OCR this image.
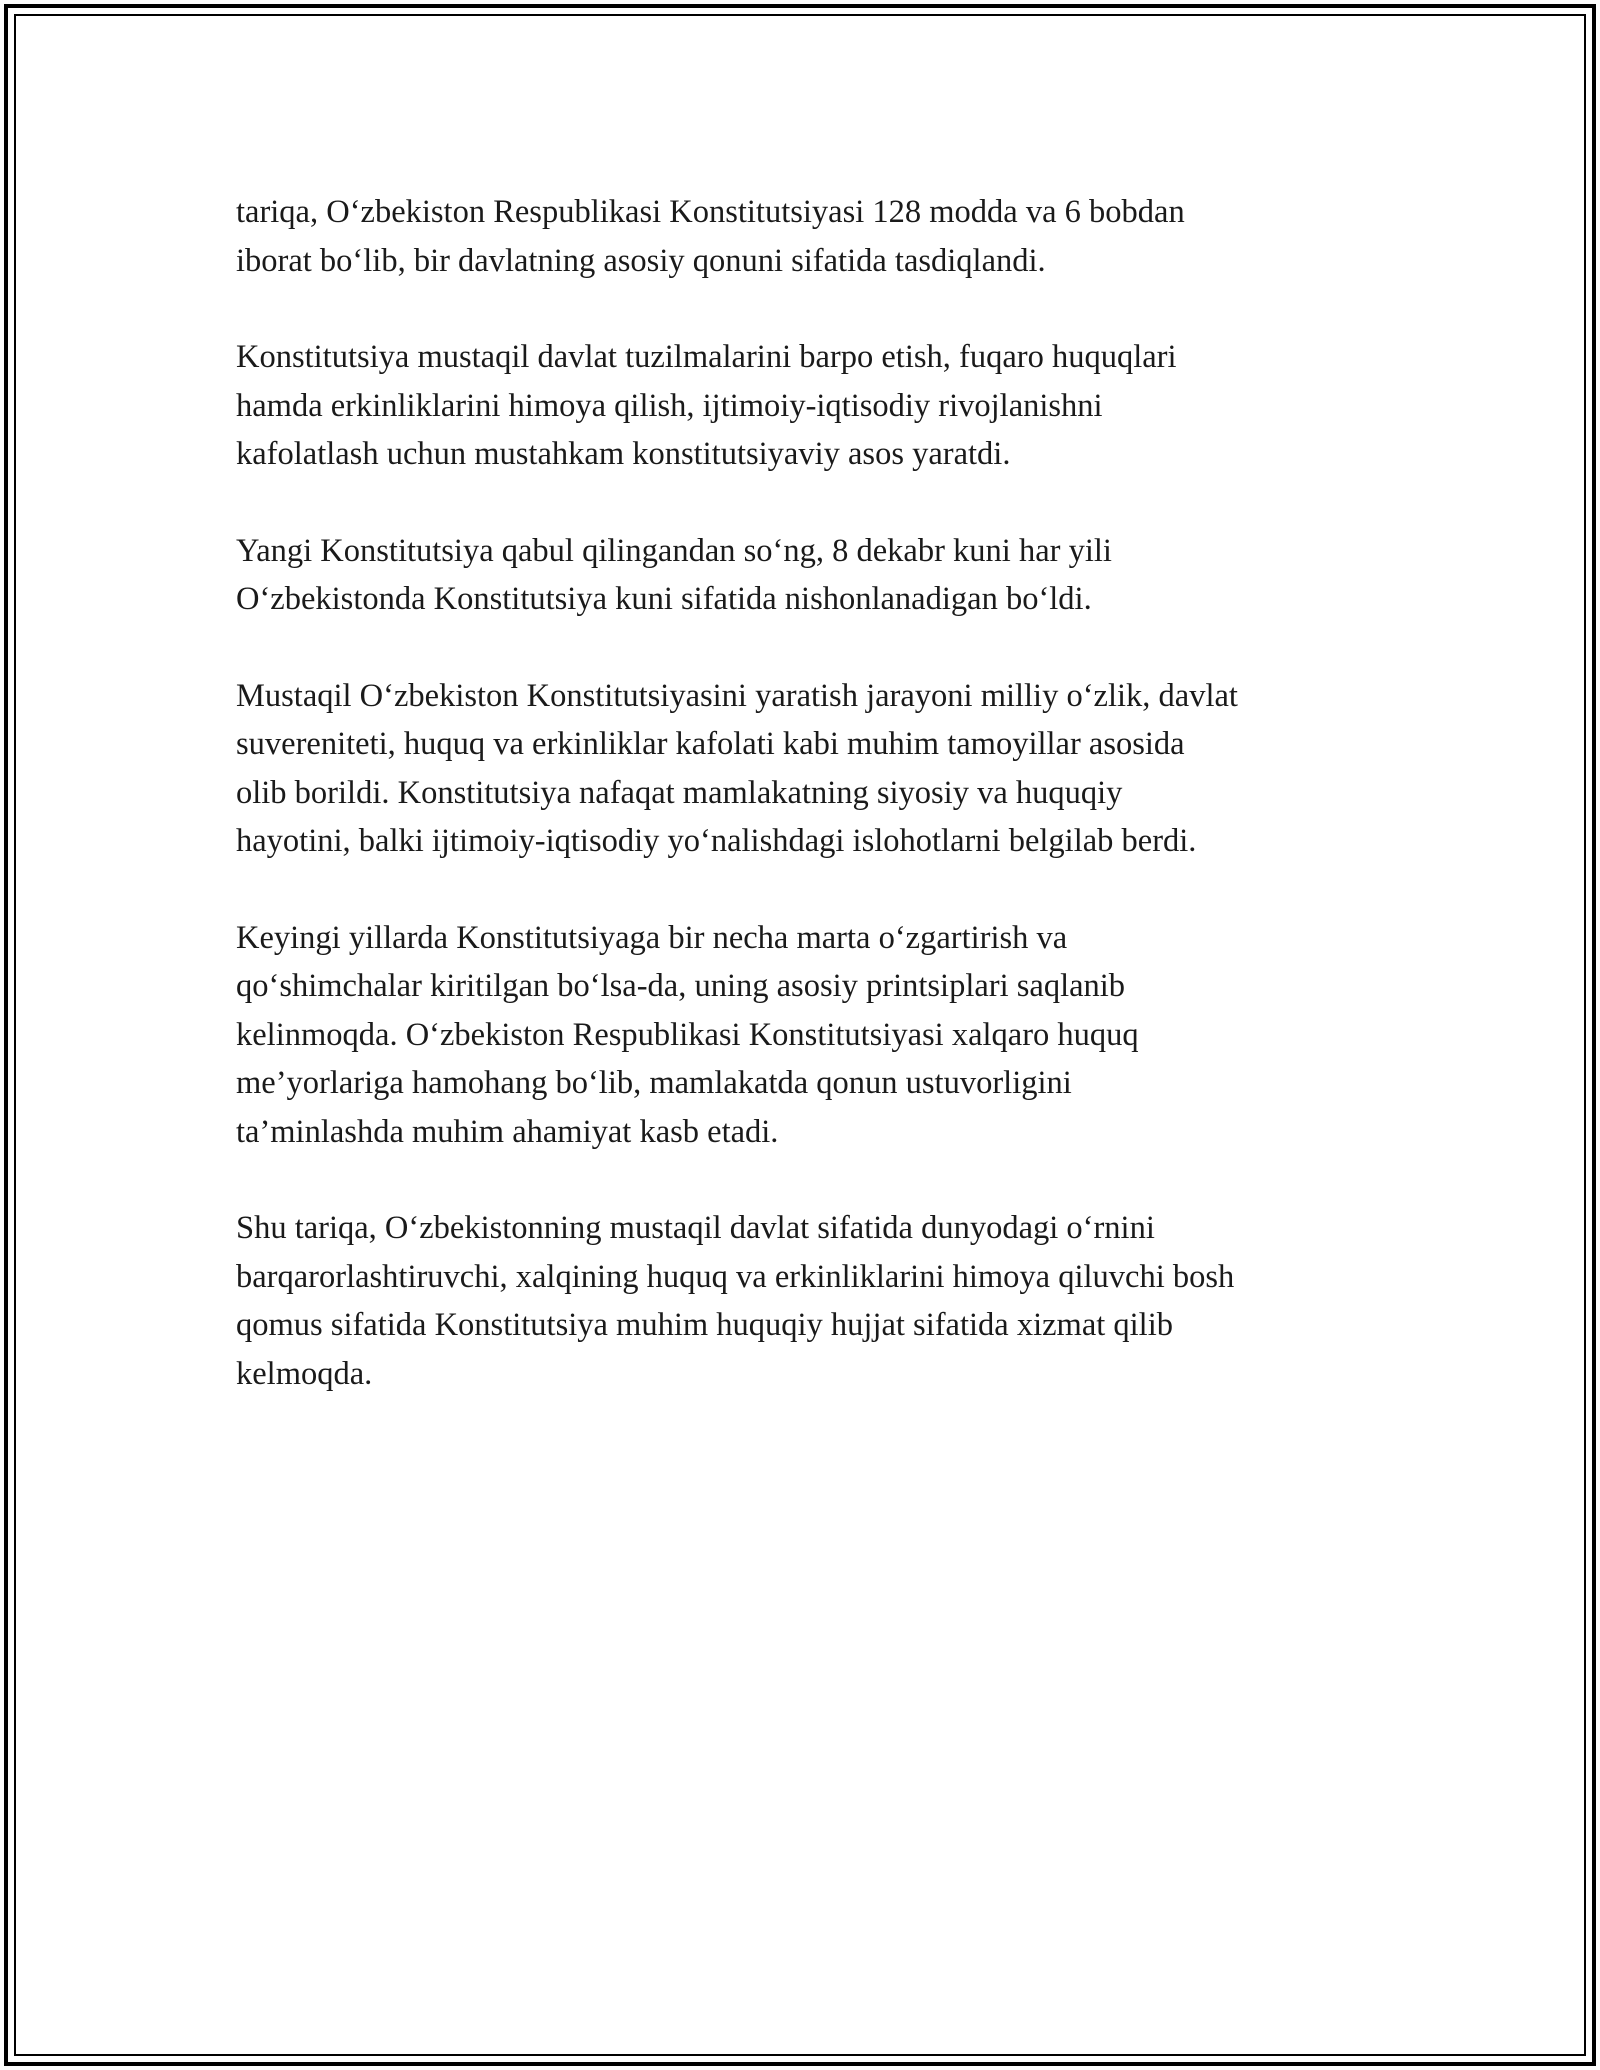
tariqa, O‘zbekiston Respublikasi Konstitutsiyasi 128 modda va 6 bobdan
iborat bo‘lib, bir davlatning asosiy qonuni sifatida tasdiqlandi.

Konstitutsiya mustaqil davlat tuzilmalarini barpo etish, fuqaro huquqlari
hamda erkinliklarini himoya qilish, ijtimoiy-iqtisodiy rivojlanishni
kafolatlash uchun mustahkam konstitutsiyaviy asos yaratdi.

Yangi Konstitutsiya qabul qilingandan so‘ng, 8 dekabr kuni har yili
O‘zbekistonda Konstitutsiya kuni sifatida nishonlanadigan bo‘ldi.

Mustaqil O‘zbekiston Konstitutsiyasini yaratish jarayoni milliy o‘zlik, davlat
suvereniteti, huquq va erkinliklar kafolati kabi muhim tamoyillar asosida
olib borildi. Konstitutsiya nafaqat mamlakatning siyosiy va huquqiy
hayotini, balki ijtimoiy-iqtisodiy yo‘nalishdagi islohotlarni belgilab berdi.

Keyingi yillarda Konstitutsiyaga bir necha marta o‘zgartirish va
qo‘shimchalar kiritilgan bo‘lsa-da, uning asosiy printsiplari saqlanib
kelinmoqda. O‘zbekiston Respublikasi Konstitutsiyasi xalqaro huquq
me’yorlariga hamohang bo‘lib, mamlakatda qonun ustuvorligini
ta’minlashda muhim ahamiyat kasb etadi.

Shu tariqa, O‘zbekistonning mustaqil davlat sifatida dunyodagi o‘rnini
barqarorlashtiruvchi, xalqining huquq va erkinliklarini himoya qiluvchi bosh
qomus sifatida Konstitutsiya muhim huquqiy hujjat sifatida xizmat qilib
kelmoqda.
